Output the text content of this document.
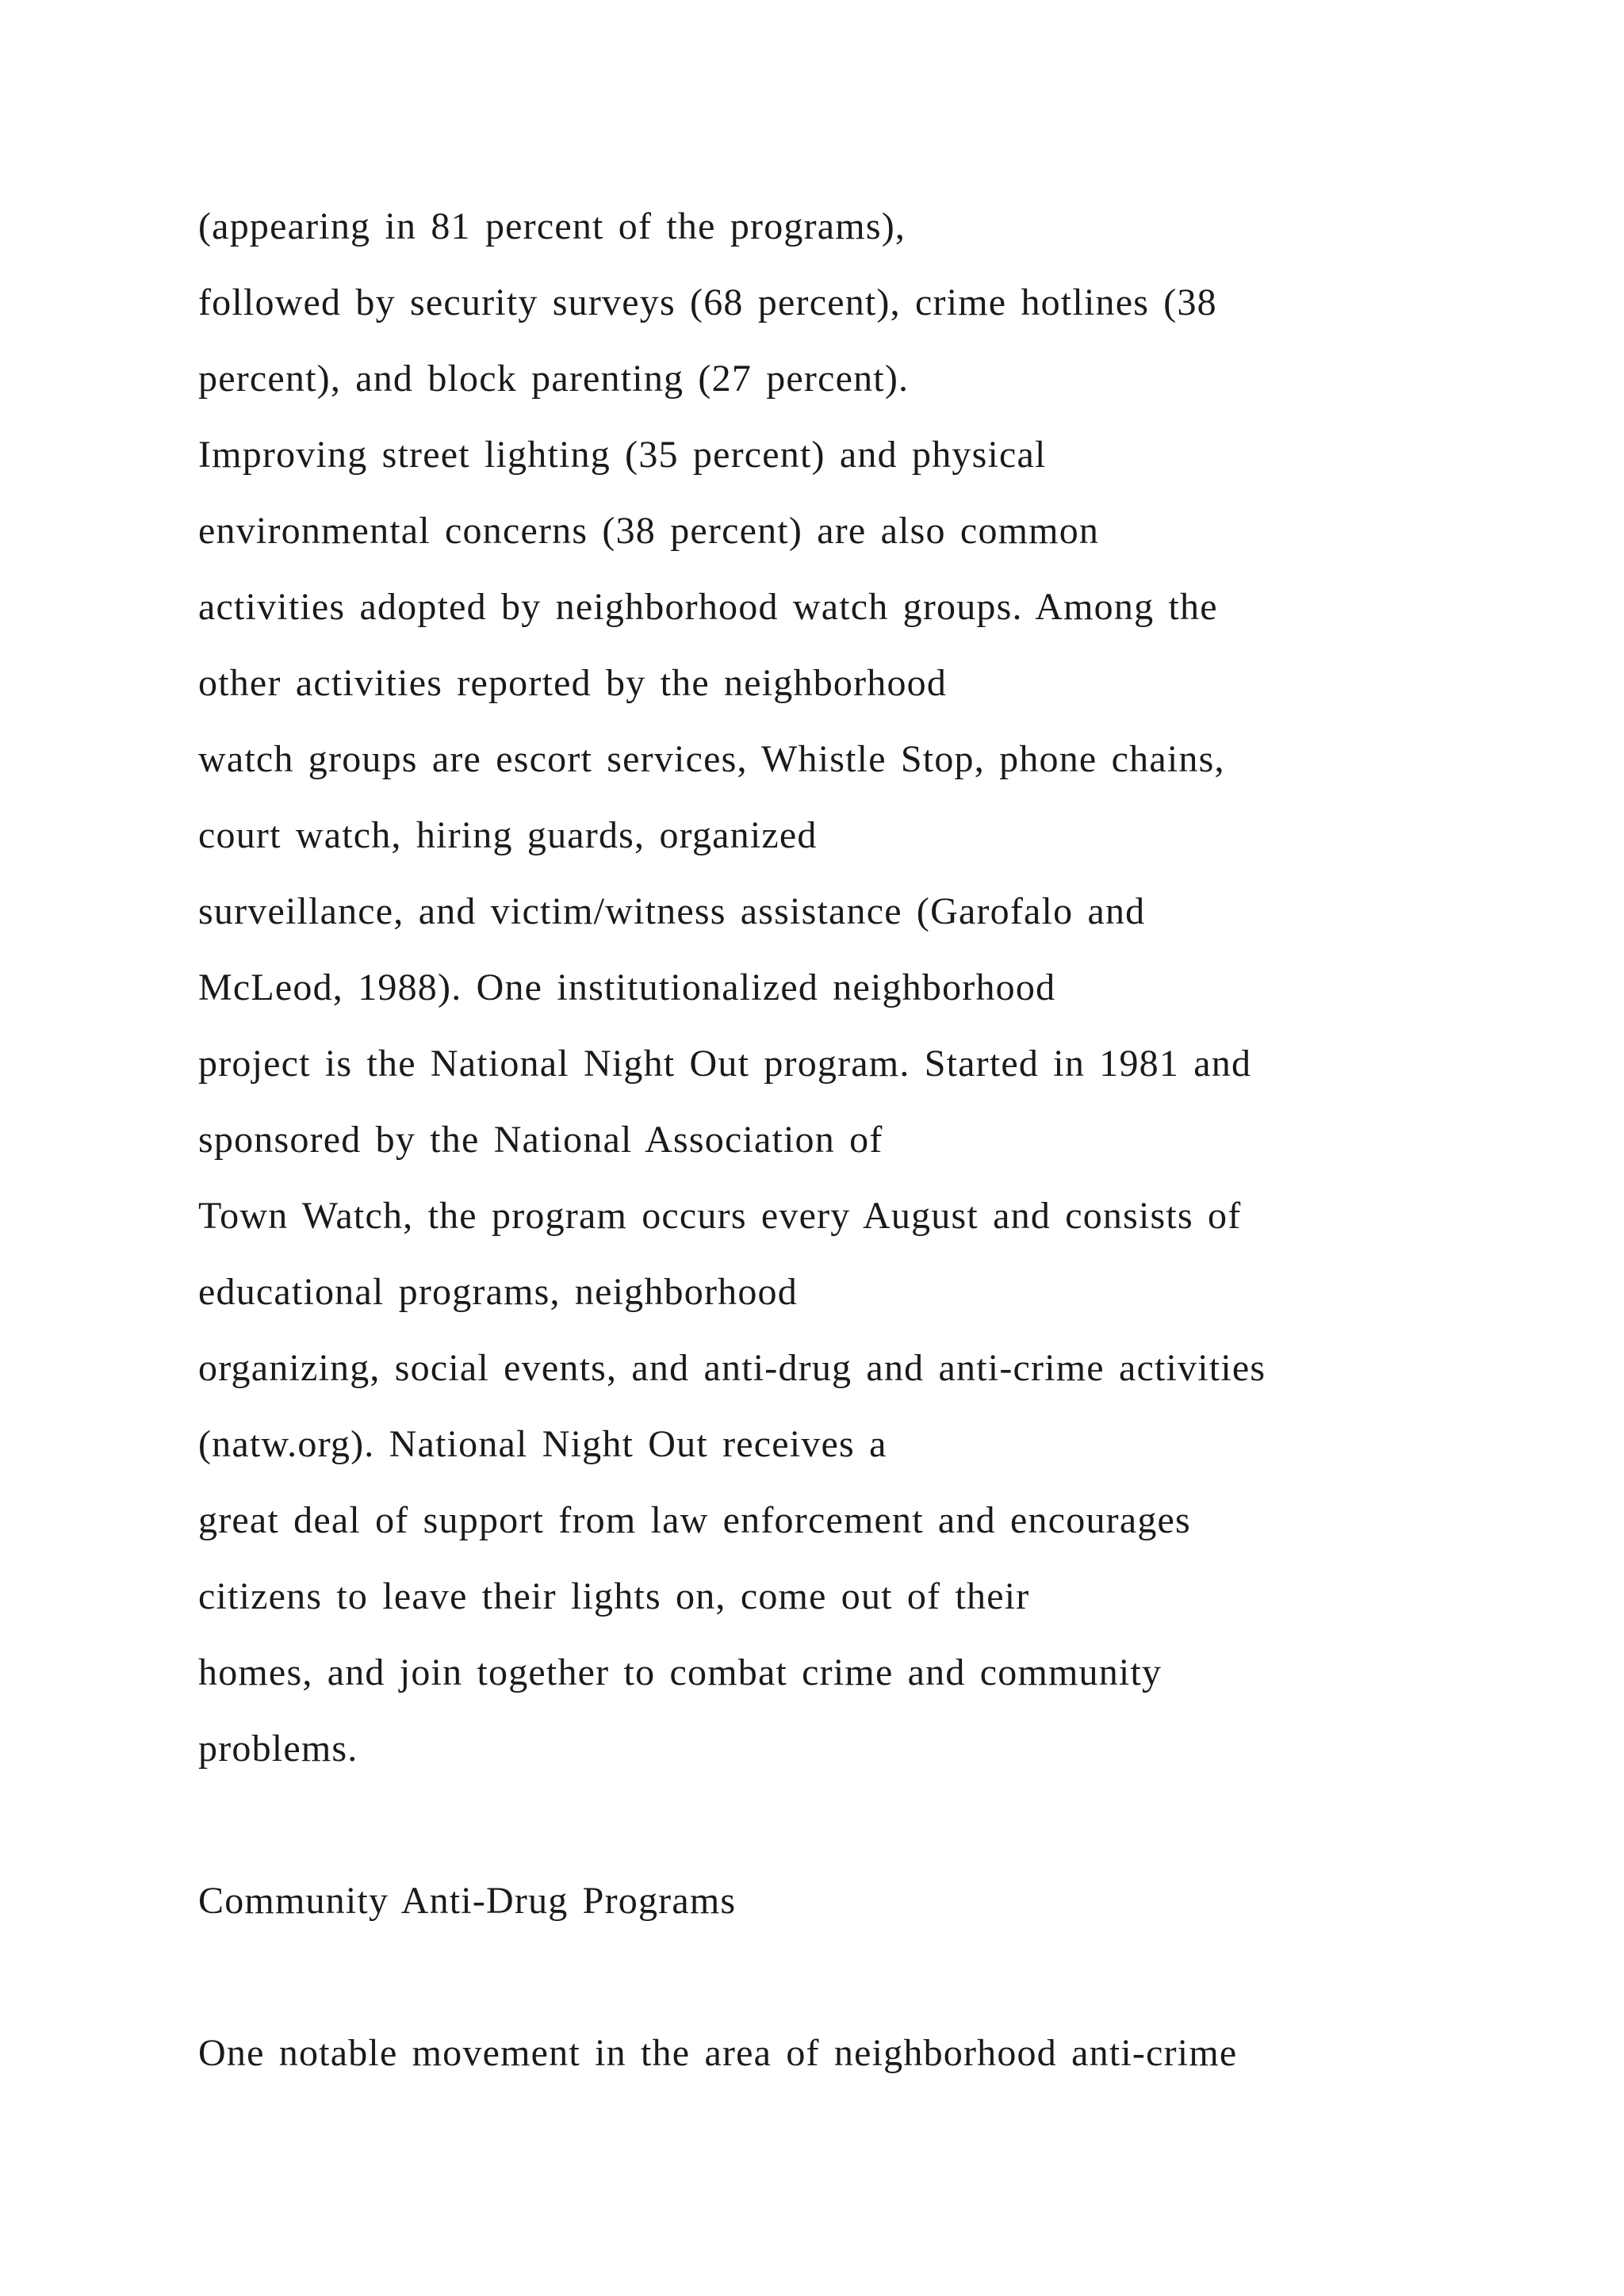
(appearing in 81 percent of the programs),
followed by security surveys (68 percent), crime hotlines (38
percent), and block parenting (27 percent).
Improving street lighting (35 percent) and physical
environmental concerns (38 percent) are also common
activities adopted by neighborhood watch groups. Among the
other activities reported by the neighborhood
watch groups are escort services, Whistle Stop, phone chains,
court watch, hiring guards, organized
surveillance, and victim/witness assistance (Garofalo and
McLeod, 1988). One institutionalized neighborhood
project is the National Night Out program. Started in 1981 and
sponsored by the National Association of
Town Watch, the program occurs every August and consists of
educational programs, neighborhood
organizing, social events, and anti-drug and anti-crime activities
(natw.org). National Night Out receives a
great deal of support from law enforcement and encourages
citizens to leave their lights on, come out of their
homes, and join together to combat crime and community
problems.
Community Anti-Drug Programs
One notable movement in the area of neighborhood anti-crime
